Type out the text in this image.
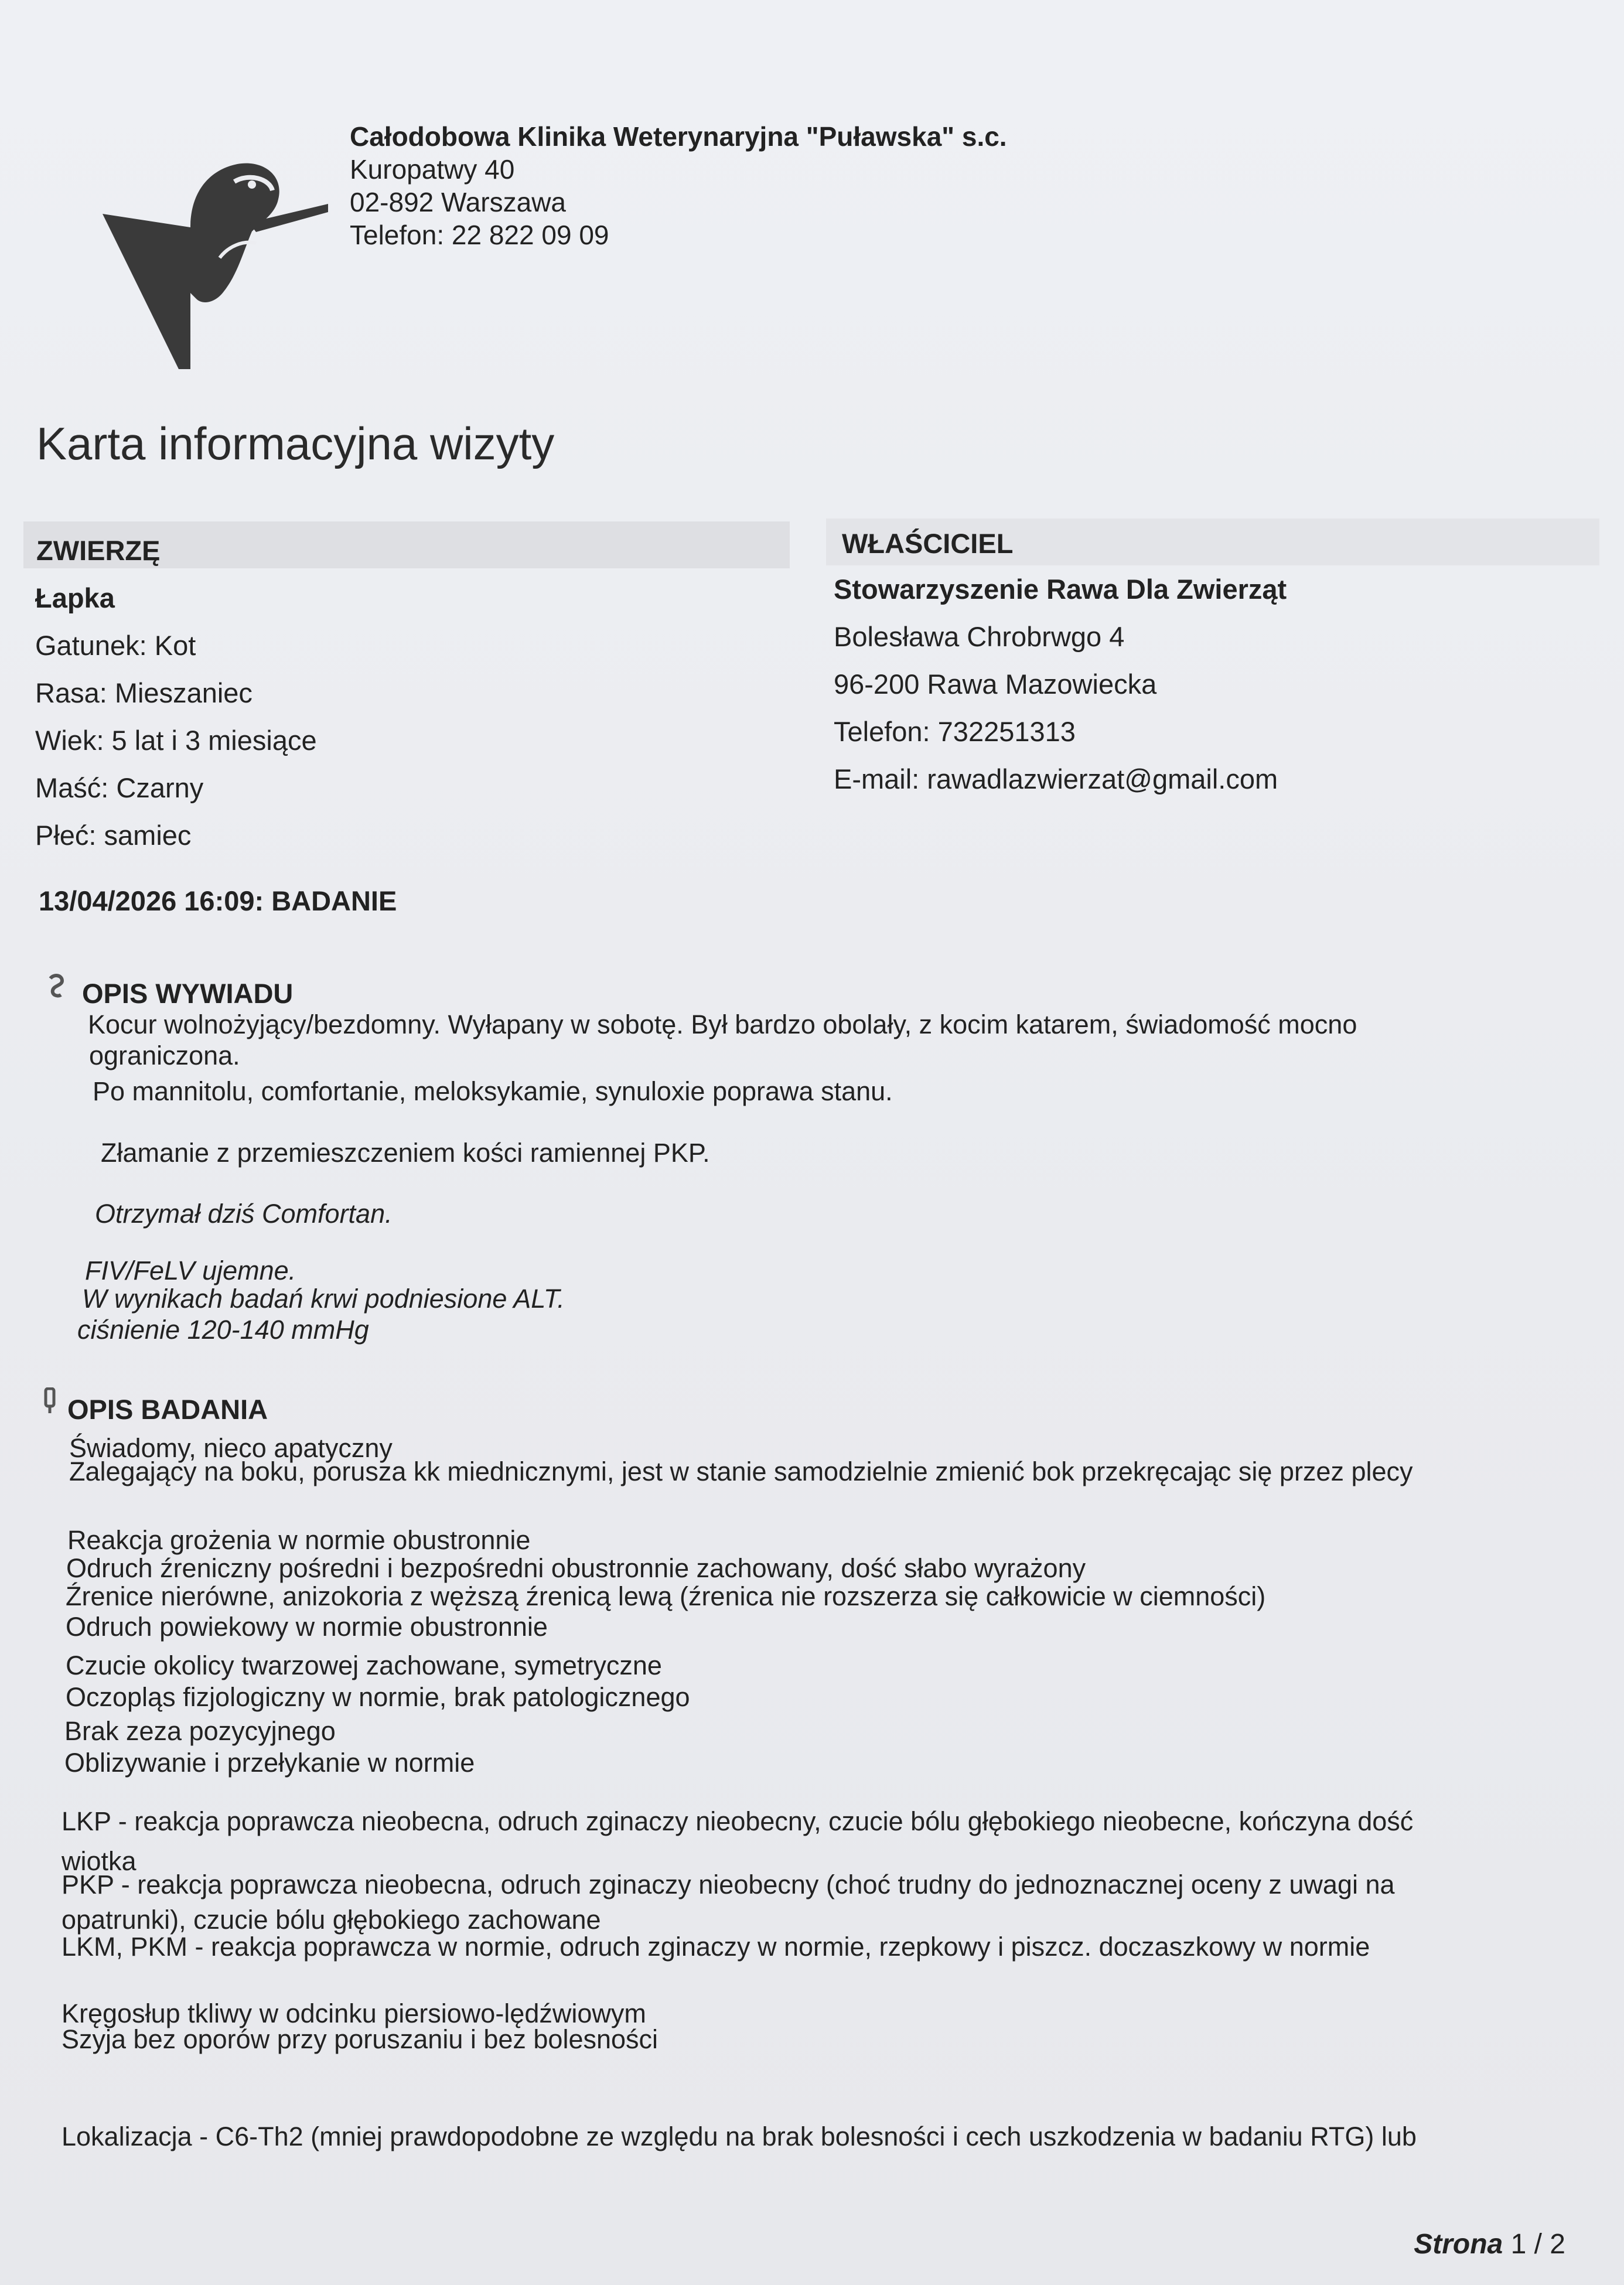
Całodobowa Klinika Weterynaryjna "Puławska" s.c.
Kuropatwy 40
02-892 Warszawa
Telefon: 22 822 09 09
Karta informacyjna wizyty
ZWIERZĘ	WŁAŚCICIEL
Łapka
Gatunek: Kot
Rasa: Mieszaniec
Wiek: 5 lat i 3 miesiące
Maść: Czarny
Płeć: samiec
Stowarzyszenie Rawa Dla Zwierząt
Bolesława Chrobrwgo 4
96-200 Rawa Mazowiecka
Telefon: 732251313
E-mail: rawadlazwierzat@gmail.com
13/04/2026 16:09: BADANIE
OPIS WYWIADU
Kocur wolnożyjący/bezdomny. Wyłapany w sobotę. Był bardzo obolały, z kocim katarem, świadomość mocno
ograniczona.
Po mannitolu, comfortanie, meloksykamie, synuloxie poprawa stanu.
Złamanie z przemieszczeniem kości ramiennej PKP.
Otrzymał dziś Comfortan.
FIV/FeLV ujemne.
W wynikach badań krwi podniesione ALT.
ciśnienie 120-140 mmHg
OPIS BADANIA
Świadomy, nieco apatyczny
Zalegający na boku, porusza kk miednicznymi, jest w stanie samodzielnie zmienić bok przekręcając się przez plecy
Reakcja grożenia w normie obustronnie
Odruch źreniczny pośredni i bezpośredni obustronnie zachowany, dość słabo wyrażony
Źrenice nierówne, anizokoria z węższą źrenicą lewą (źrenica nie rozszerza się całkowicie w ciemności)
Odruch powiekowy w normie obustronnie
Czucie okolicy twarzowej zachowane, symetryczne
Oczopląs fizjologiczny w normie, brak patologicznego
Brak zeza pozycyjnego
Oblizywanie i przełykanie w normie
LKP - reakcja poprawcza nieobecna, odruch zginaczy nieobecny, czucie bólu głębokiego nieobecne, kończyna dość
wiotka
PKP - reakcja poprawcza nieobecna, odruch zginaczy nieobecny (choć trudny do jednoznacznej oceny z uwagi na
opatrunki), czucie bólu głębokiego zachowane
LKM, PKM - reakcja poprawcza w normie, odruch zginaczy w normie, rzepkowy i piszcz. doczaszkowy w normie
Kręgosłup tkliwy w odcinku piersiowo-lędźwiowym
Szyja bez oporów przy poruszaniu i bez bolesności
Lokalizacja - C6-Th2 (mniej prawdopodobne ze względu na brak bolesności i cech uszkodzenia w badaniu RTG) lub
Strona 1 / 2
